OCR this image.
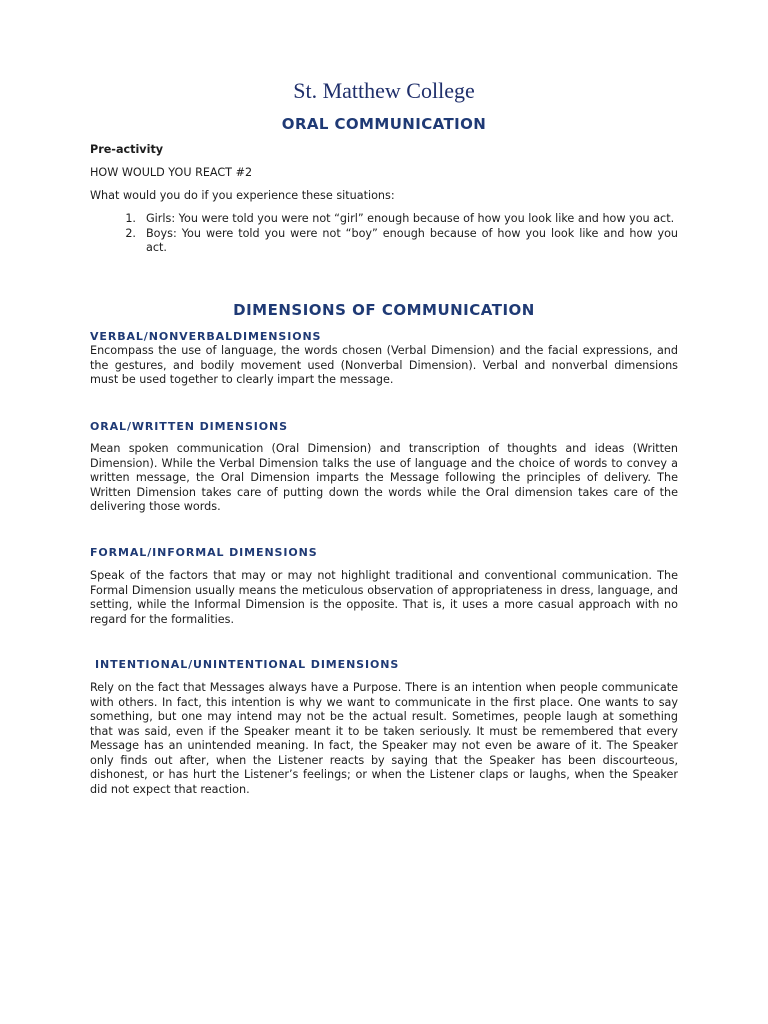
St. Matthew College
ORAL COMMUNICATION
Pre-activity
HOW WOULD YOU REACT #2
What would you do if you experience these situations:
1. Girls: You were told you were not “girl” enough because of how you look like and how you act.
2. Boys: You were told you were not “boy” enough because of how you look like and how you act.
DIMENSIONS OF COMMUNICATION
VERBAL/NONVERBALDIMENSIONS
Encompass the use of language, the words chosen (Verbal Dimension) and the facial expressions, and the gestures, and bodily movement used (Nonverbal Dimension). Verbal and nonverbal dimensions must be used together to clearly impart the message.
ORAL/WRITTEN DIMENSIONS
Mean spoken communication (Oral Dimension) and transcription of thoughts and ideas (Written Dimension). While the Verbal Dimension talks the use of language and the choice of words to convey a written message, the Oral Dimension imparts the Message following the principles of delivery. The Written Dimension takes care of putting down the words while the Oral dimension takes care of the delivering those words.
FORMAL/INFORMAL DIMENSIONS
Speak of the factors that may or may not highlight traditional and conventional communication. The Formal Dimension usually means the meticulous observation of appropriateness in dress, language, and setting, while the Informal Dimension is the opposite. That is, it uses a more casual approach with no regard for the formalities.
INTENTIONAL/UNINTENTIONAL DIMENSIONS
Rely on the fact that Messages always have a Purpose. There is an intention when people communicate with others. In fact, this intention is why we want to communicate in the first place. One wants to say something, but one may intend may not be the actual result. Sometimes, people laugh at something that was said, even if the Speaker meant it to be taken seriously. It must be remembered that every Message has an unintended meaning. In fact, the Speaker may not even be aware of it. The Speaker only finds out after, when the Listener reacts by saying that the Speaker has been discourteous, dishonest, or has hurt the Listener’s feelings; or when the Listener claps or laughs, when the Speaker did not expect that reaction.
